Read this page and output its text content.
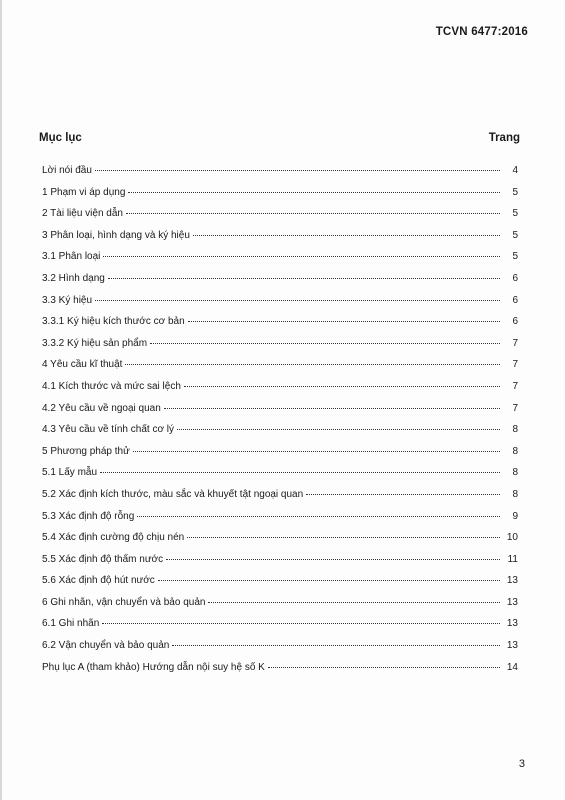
TCVN 6477:2016
Mục lục	Trang
Lời nói đầu	4
1 Phạm vi áp dụng	5
2 Tài liệu viện dẫn	5
3 Phân loại, hình dạng và ký hiệu	5
3.1 Phân loại	5
3.2 Hình dạng	6
3.3 Ký hiệu	6
3.3.1 Ký hiệu kích thước cơ bản	6
3.3.2 Ký hiệu sản phẩm	7
4 Yêu cầu kĩ thuật	7
4.1 Kích thước và mức sai lệch	7
4.2 Yêu cầu về ngoại quan	7
4.3 Yêu cầu về tính chất cơ lý	8
5 Phương pháp thử	8
5.1 Lấy mẫu	8
5.2 Xác định kích thước, màu sắc và khuyết tật ngoại quan	8
5.3 Xác định độ rỗng	9
5.4 Xác định cường độ chịu nén	10
5.5 Xác định độ thấm nước	11
5.6 Xác định độ hút nước	13
6 Ghi nhãn, vận chuyển và bảo quản	13
6.1 Ghi nhãn	13
6.2 Vận chuyển và bảo quản	13
Phụ lục A (tham khảo) Hướng dẫn nội suy hệ số K	14
3
